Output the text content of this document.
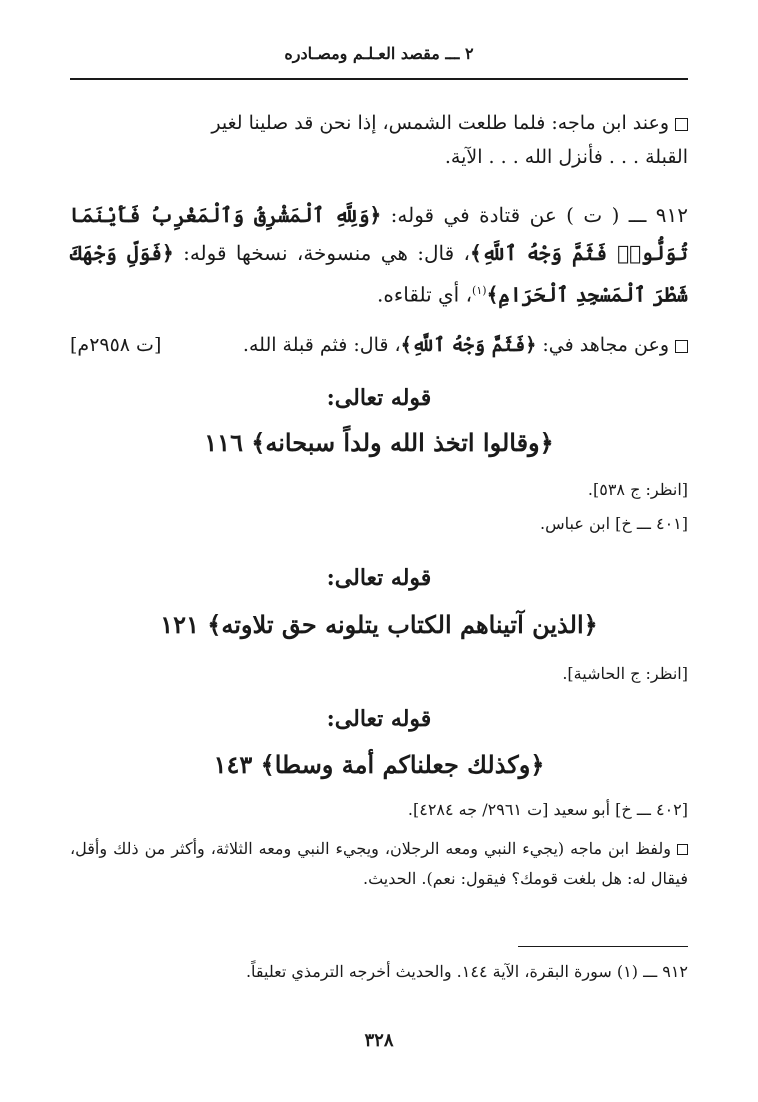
٢ ـــ مقصد العـلـم ومصـادره
وعند ابن ماجه: فلما طلعت الشمس، إذا نحن قد صلينا لغير
القبلة . . . فأنزل الله . . . الآية.
٩١٢ ـــ ( ت ) عن قتادة في قوله: ﴿وَلِلَّهِ ٱلْمَشْرِقُ وَٱلْمَغْرِبُ فَأَيْنَمَا تُوَلُّوا۟ فَثَمَّ وَجْهُ ٱللَّهِ﴾، قال: هي منسوخة، نسخها قوله: ﴿فَوَلِّ وَجْهَكَ شَطْرَ ٱلْمَسْجِدِ ٱلْحَرَامِ﴾$^{(١)}$، أي تلقاءه.
وعن مجاهد في: ﴿فَثَمَّ وَجْهُ ٱللَّهِ﴾، قال: فثم قبلة الله.
[ت ٢٩٥٨م]
قوله تعالى:
﴿وقالوا اتخذ الله ولداً سبحانه﴾ ١١٦
[انظر: ج ٥٣٨].
[٤٠١ ـــ خ] ابن عباس.
قوله تعالى:
﴿الذين آتيناهم الكتاب يتلونه حق تلاوته﴾ ١٢١
[انظر: ج الحاشية].
قوله تعالى:
﴿وكذلك جعلناكم أمة وسطا﴾ ١٤٣
[٤٠٢ ـــ خ] أبو سعيد [ت ٢٩٦١/ جه ٤٢٨٤].
ولفظ ابن ماجه (يجيء النبي ومعه الرجلان، ويجيء النبي ومعه الثلاثة، وأكثر من ذلك وأقل، فيقال له: هل بلغت قومك؟ فيقول: نعم). الحديث.
٩١٢ ـــ (١) سورة البقرة، الآية ١٤٤. والحديث أخرجه الترمذي تعليقاً.
٣٢٨
